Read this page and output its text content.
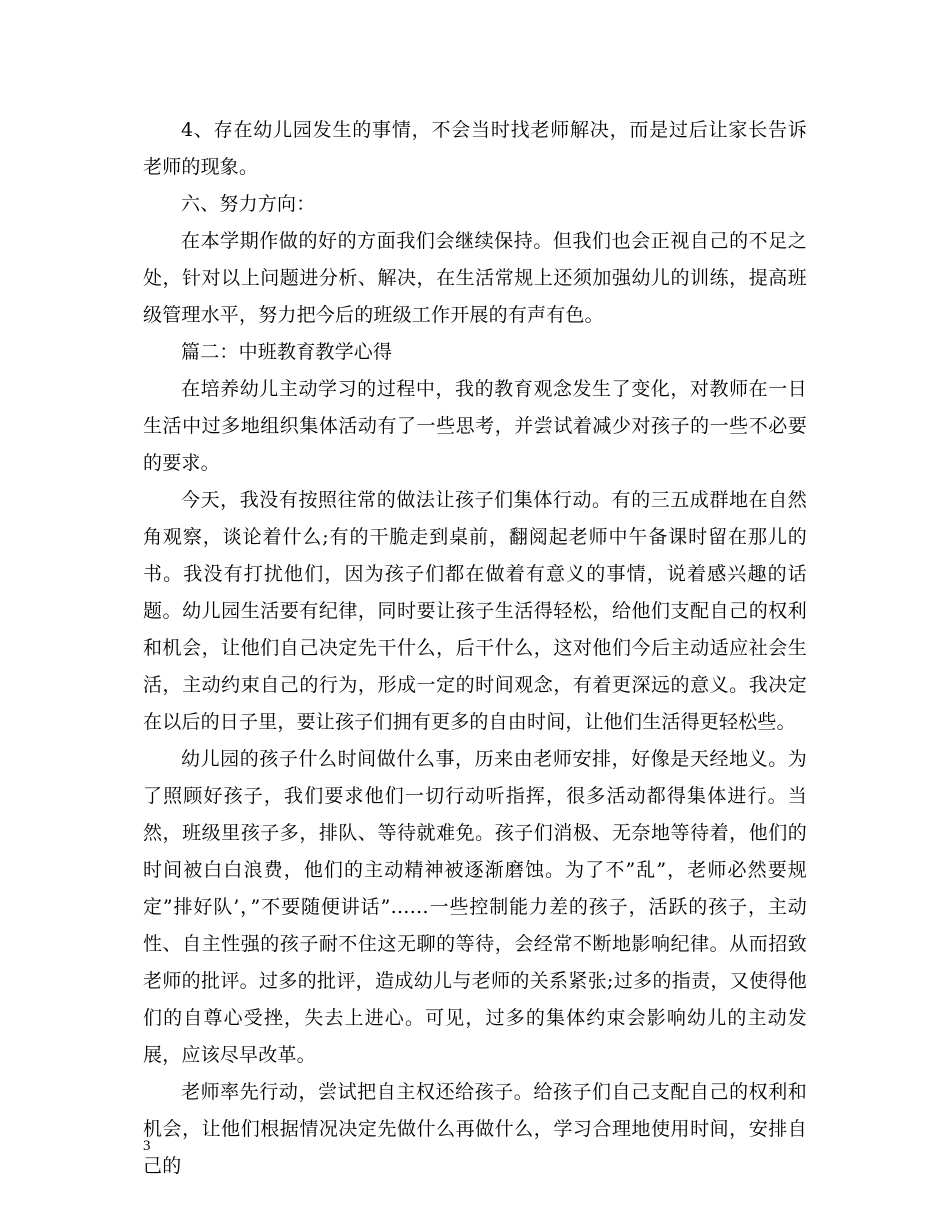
4、存在幼儿园发生的事情，不会当时找老师解决，而是过后让家长告诉老师的现象。

六、努力方向：

在本学期作做的好的方面我们会继续保持。但我们也会正视自己的不足之处，针对以上问题进分析、解决，在生活常规上还须加强幼儿的训练，提高班级管理水平，努力把今后的班级工作开展的有声有色。

篇二：中班教育教学心得

在培养幼儿主动学习的过程中，我的教育观念发生了变化，对教师在一日生活中过多地组织集体活动有了一些思考，并尝试着减少对孩子的一些不必要的要求。

今天，我没有按照往常的做法让孩子们集体行动。有的三五成群地在自然角观察，谈论着什么;有的干脆走到桌前，翻阅起老师中午备课时留在那儿的书。我没有打扰他们，因为孩子们都在做着有意义的事情，说着感兴趣的话题。幼儿园生活要有纪律，同时要让孩子生活得轻松，给他们支配自己的权利和机会，让他们自己决定先干什么，后干什么，这对他们今后主动适应社会生活，主动约束自己的行为，形成一定的时间观念，有着更深远的意义。我决定在以后的日子里，要让孩子们拥有更多的自由时间，让他们生活得更轻松些。

幼儿园的孩子什么时间做什么事，历来由老师安排，好像是天经地义。为了照顾好孩子，我们要求他们一切行动听指挥，很多活动都得集体进行。当然，班级里孩子多，排队、等待就难免。孩子们消极、无奈地等待着，他们的时间被白白浪费，他们的主动精神被逐渐磨蚀。为了不”乱”，老师必然要规定”排好队’，”不要随便讲话”……一些控制能力差的孩子，活跃的孩子，主动性、自主性强的孩子耐不住这无聊的等待，会经常不断地影响纪律。从而招致老师的批评。过多的批评，造成幼儿与老师的关系紧张;过多的指责，又使得他们的自尊心受挫，失去上进心。可见，过多的集体约束会影响幼儿的主动发展，应该尽早改革。

老师率先行动，尝试把自主权还给孩子。给孩子们自己支配自己的权利和机会，让他们根据情况决定先做什么再做什么，学习合理地使用时间，安排自己的

3
